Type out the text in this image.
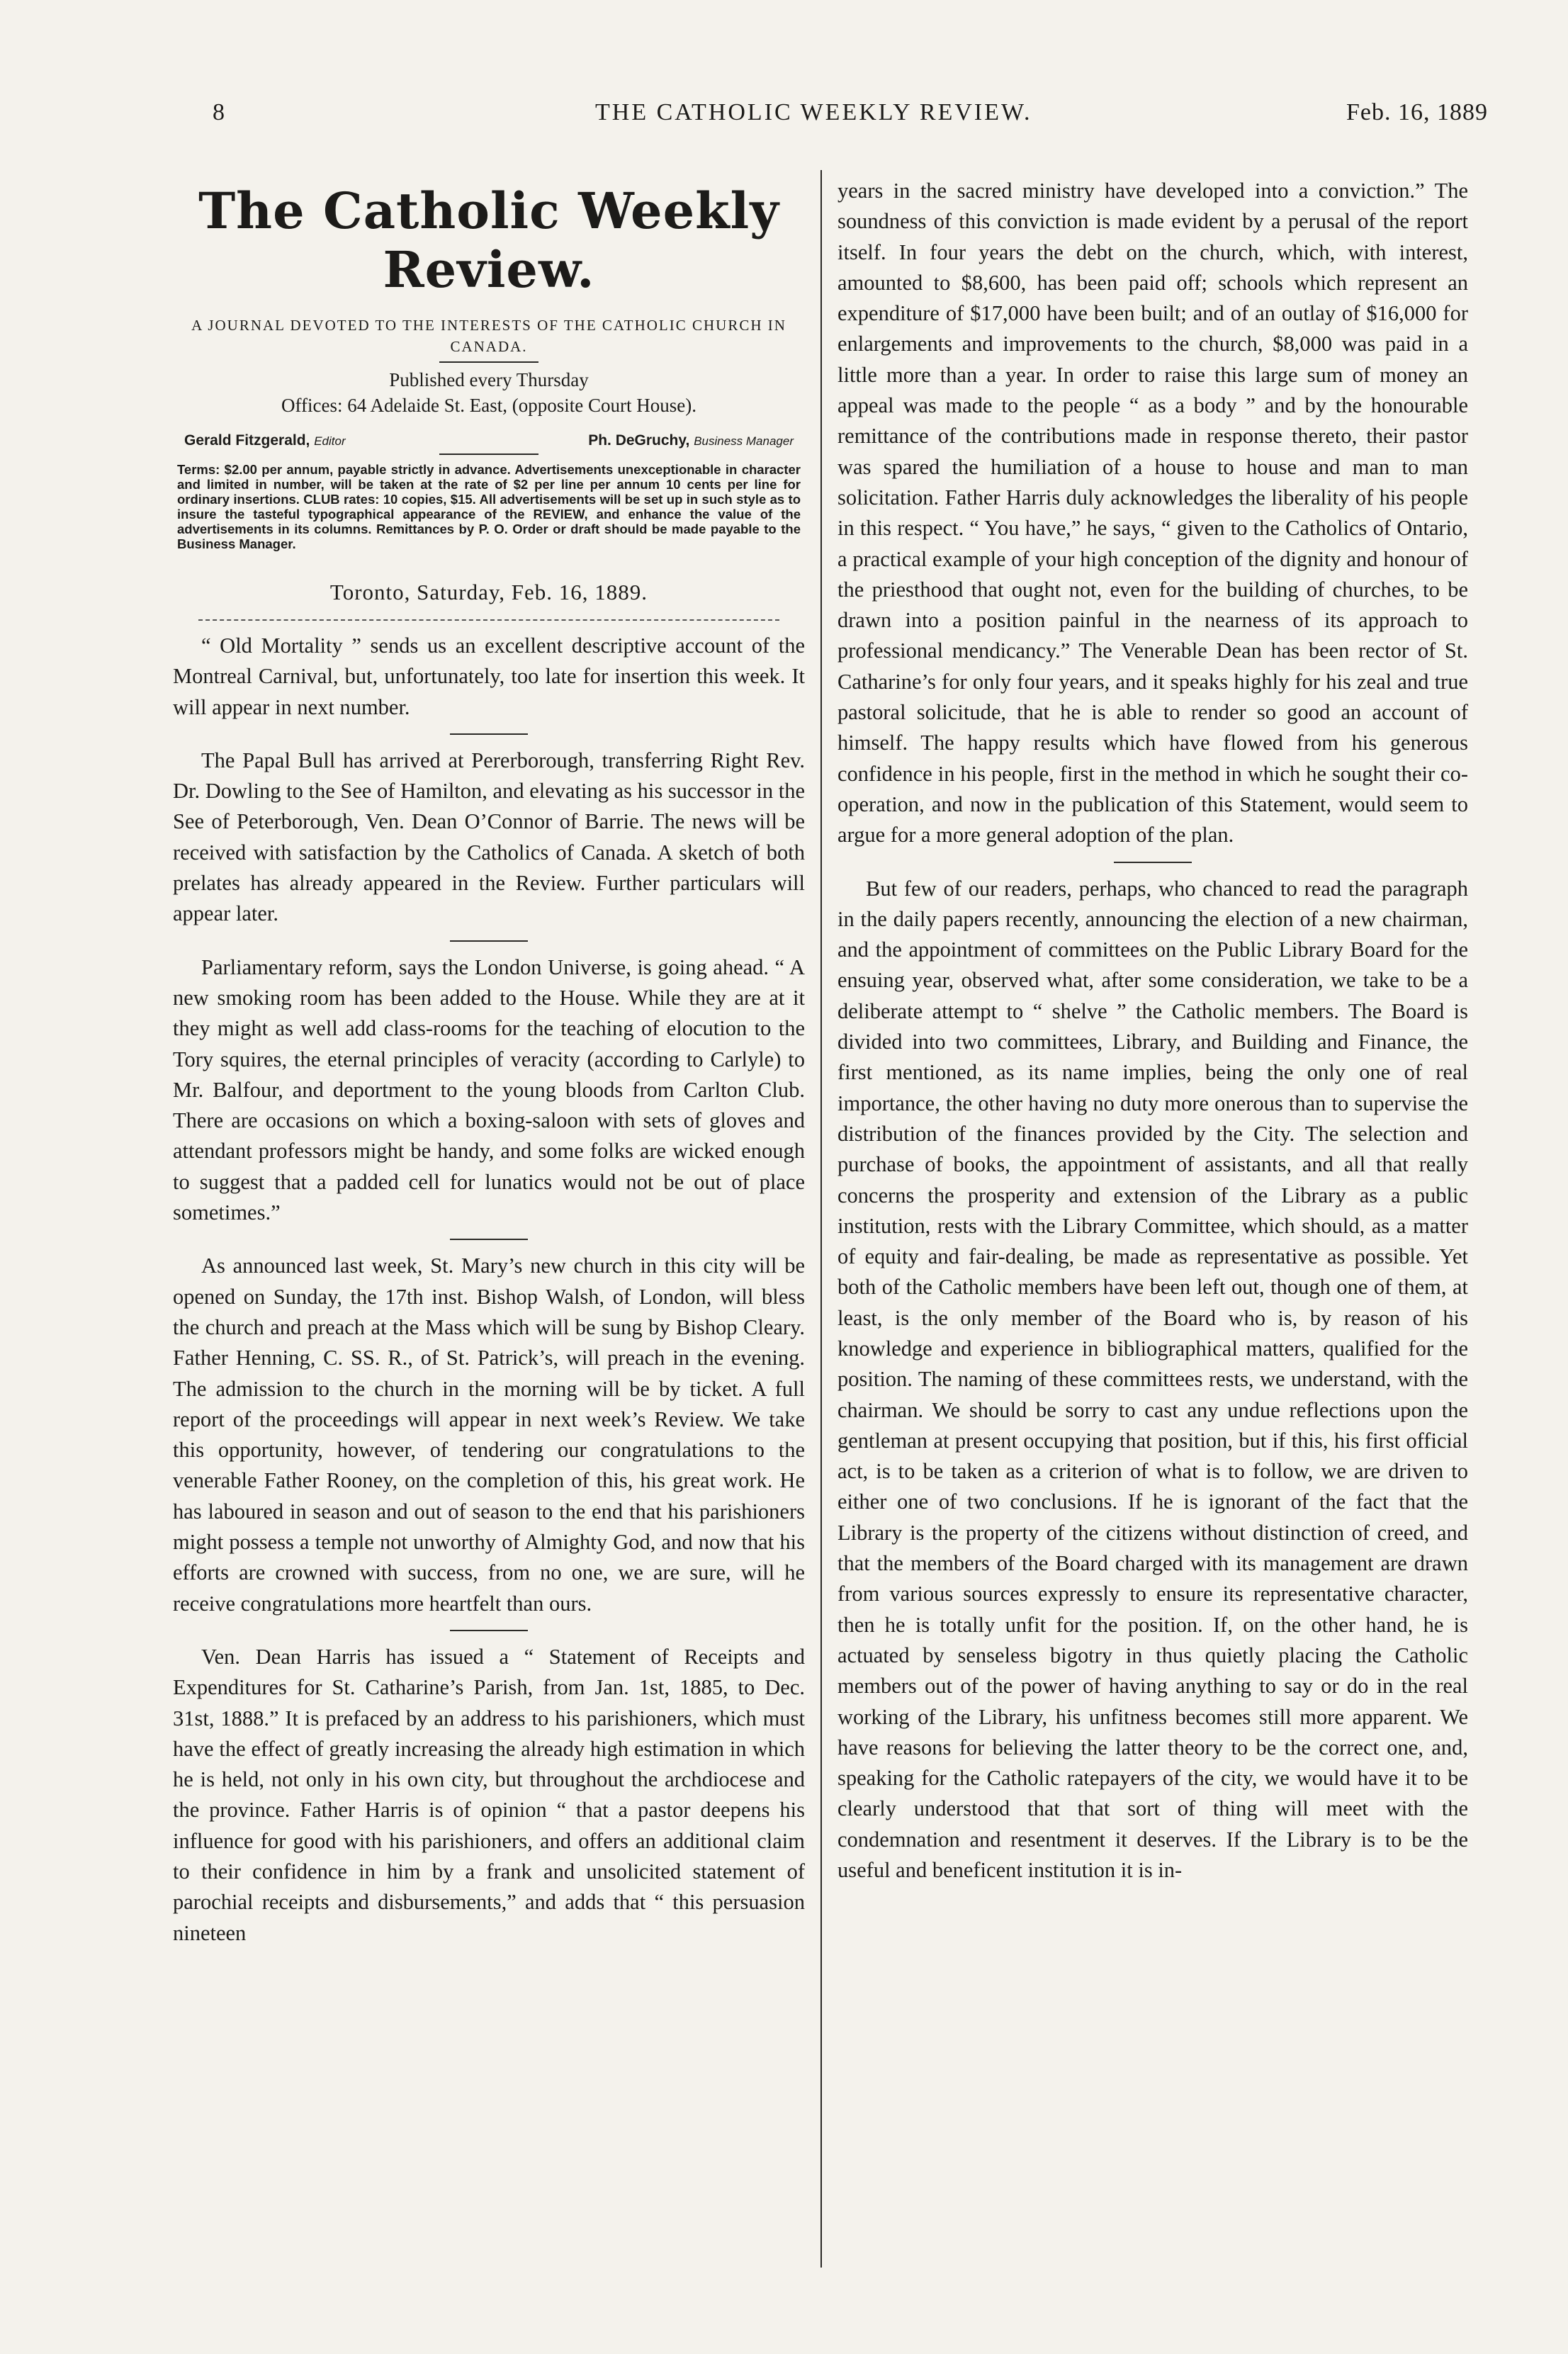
8	THE CATHOLIC WEEKLY REVIEW.	Feb. 16, 1889
The Catholic Weekly Review.
A JOURNAL DEVOTED TO THE INTERESTS OF THE CATHOLIC CHURCH IN CANADA.
Published every Thursday
Offices: 64 Adelaide St. East, (opposite Court House).
Gerald Fitzgerald, Editor	Ph. DeGruchy, Business Manager
Terms: $2.00 per annum, payable strictly in advance. Advertisements unexceptionable in character and limited in number, will be taken at the rate of $2 per line per annum 10 cents per line for ordinary insertions. CLUB rates: 10 copies, $15. All advertisements will be set up in such style as to insure the tasteful typographical appearance of the REVIEW, and enhance the value of the advertisements in its columns. Remittances by P. O. Order or draft should be made payable to the Business Manager.
Toronto, Saturday, Feb. 16, 1889.

“ Old Mortality ” sends us an excellent descriptive account of the Montreal Carnival, but, unfortunately, too late for insertion this week. It will appear in next number.

The Papal Bull has arrived at Pererborough, transferring Right Rev. Dr. Dowling to the See of Hamilton, and elevating as his successor in the See of Peterborough, Ven. Dean O’Connor of Barrie. The news will be received with satisfaction by the Catholics of Canada. A sketch of both prelates has already appeared in the Review. Further particulars will appear later.

Parliamentary reform, says the London Universe, is going ahead. “ A new smoking room has been added to the House. While they are at it they might as well add class-rooms for the teaching of elocution to the Tory squires, the eternal principles of veracity (according to Carlyle) to Mr. Balfour, and deportment to the young bloods from Carlton Club. There are occasions on which a boxing-saloon with sets of gloves and attendant professors might be handy, and some folks are wicked enough to suggest that a padded cell for lunatics would not be out of place sometimes.”

As announced last week, St. Mary’s new church in this city will be opened on Sunday, the 17th inst. Bishop Walsh, of London, will bless the church and preach at the Mass which will be sung by Bishop Cleary. Father Henning, C. SS. R., of St. Patrick’s, will preach in the evening. The admission to the church in the morning will be by ticket. A full report of the proceedings will appear in next week’s Review. We take this opportunity, however, of tendering our congratulations to the venerable Father Rooney, on the completion of this, his great work. He has laboured in season and out of season to the end that his parishioners might possess a temple not unworthy of Almighty God, and now that his efforts are crowned with success, from no one, we are sure, will he receive congratulations more heartfelt than ours.

Ven. Dean Harris has issued a “ Statement of Receipts and Expenditures for St. Catharine’s Parish, from Jan. 1st, 1885, to Dec. 31st, 1888.” It is prefaced by an address to his parishioners, which must have the effect of greatly increasing the already high estimation in which he is held, not only in his own city, but throughout the archdiocese and the province. Father Harris is of opinion “ that a pastor deepens his influence for good with his parishioners, and offers an additional claim to their confidence in him by a frank and unsolicited statement of parochial receipts and disbursements,” and adds that “ this persuasion nineteen

years in the sacred ministry have developed into a conviction.” The soundness of this conviction is made evident by a perusal of the report itself. In four years the debt on the church, which, with interest, amounted to $8,600, has been paid off; schools which represent an expenditure of $17,000 have been built; and of an outlay of $16,000 for enlargements and improvements to the church, $8,000 was paid in a little more than a year. In order to raise this large sum of money an appeal was made to the people “ as a body ” and by the honourable remittance of the contributions made in response thereto, their pastor was spared the humiliation of a house to house and man to man solicitation. Father Harris duly acknowledges the liberality of his people in this respect. “ You have,” he says, “ given to the Catholics of Ontario, a practical example of your high conception of the dignity and honour of the priesthood that ought not, even for the building of churches, to be drawn into a position painful in the nearness of its approach to professional mendicancy.” The Venerable Dean has been rector of St. Catharine’s for only four years, and it speaks highly for his zeal and true pastoral solicitude, that he is able to render so good an account of himself. The happy results which have flowed from his generous confidence in his people, first in the method in which he sought their co-operation, and now in the publication of this Statement, would seem to argue for a more general adoption of the plan.

But few of our readers, perhaps, who chanced to read the paragraph in the daily papers recently, announcing the election of a new chairman, and the appointment of committees on the Public Library Board for the ensuing year, observed what, after some consideration, we take to be a deliberate attempt to “ shelve ” the Catholic members. The Board is divided into two committees, Library, and Building and Finance, the first mentioned, as its name implies, being the only one of real importance, the other having no duty more onerous than to supervise the distribution of the finances provided by the City. The selection and purchase of books, the appointment of assistants, and all that really concerns the prosperity and extension of the Library as a public institution, rests with the Library Committee, which should, as a matter of equity and fair-dealing, be made as representative as possible. Yet both of the Catholic members have been left out, though one of them, at least, is the only member of the Board who is, by reason of his knowledge and experience in bibliographical matters, qualified for the position. The naming of these committees rests, we understand, with the chairman. We should be sorry to cast any undue reflections upon the gentleman at present occupying that position, but if this, his first official act, is to be taken as a criterion of what is to follow, we are driven to either one of two conclusions. If he is ignorant of the fact that the Library is the property of the citizens without distinction of creed, and that the members of the Board charged with its management are drawn from various sources expressly to ensure its representative character, then he is totally unfit for the position. If, on the other hand, he is actuated by senseless bigotry in thus quietly placing the Catholic members out of the power of having anything to say or do in the real working of the Library, his unfitness becomes still more apparent. We have reasons for believing the latter theory to be the correct one, and, speaking for the Catholic ratepayers of the city, we would have it to be clearly understood that that sort of thing will meet with the condemnation and resentment it deserves. If the Library is to be the useful and beneficent institution it is in-
